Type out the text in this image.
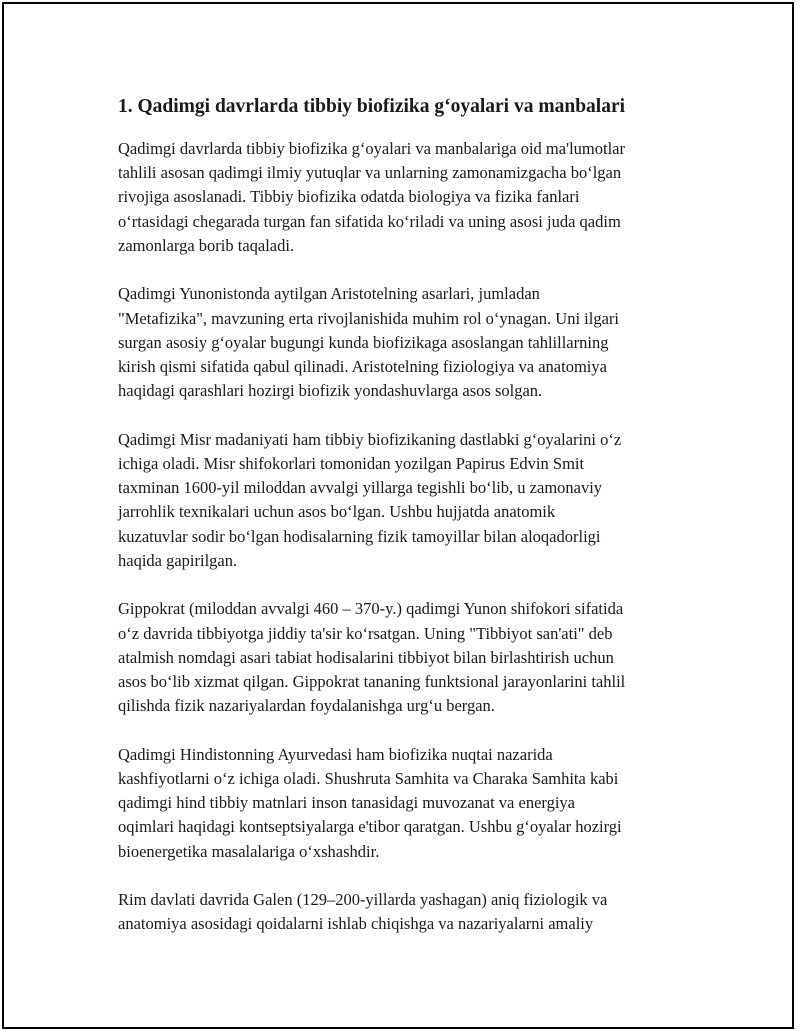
1. Qadimgi davrlarda tibbiy biofizika g‘oyalari va manbalari
Qadimgi davrlarda tibbiy biofizika g‘oyalari va manbalariga oid ma'lumotlar
tahlili asosan qadimgi ilmiy yutuqlar va unlarning zamonamizgacha bo‘lgan
rivojiga asoslanadi. Tibbiy biofizika odatda biologiya va fizika fanlari
o‘rtasidagi chegarada turgan fan sifatida ko‘riladi va uning asosi juda qadim
zamonlarga borib taqaladi.
Qadimgi Yunonistonda aytilgan Aristotelning asarlari, jumladan
"Metafizika", mavzuning erta rivojlanishida muhim rol o‘ynagan. Uni ilgari
surgan asosiy g‘oyalar bugungi kunda biofizikaga asoslangan tahlillarning
kirish qismi sifatida qabul qilinadi. Aristotelning fiziologiya va anatomiya
haqidagi qarashlari hozirgi biofizik yondashuvlarga asos solgan.
Qadimgi Misr madaniyati ham tibbiy biofizikaning dastlabki g‘oyalarini o‘z
ichiga oladi. Misr shifokorlari tomonidan yozilgan Papirus Edvin Smit
taxminan 1600-yil miloddan avvalgi yillarga tegishli bo‘lib, u zamonaviy
jarrohlik texnikalari uchun asos bo‘lgan. Ushbu hujjatda anatomik
kuzatuvlar sodir bo‘lgan hodisalarning fizik tamoyillar bilan aloqadorligi
haqida gapirilgan.
Gippokrat (miloddan avvalgi 460 – 370-y.) qadimgi Yunon shifokori sifatida
o‘z davrida tibbiyotga jiddiy ta'sir ko‘rsatgan. Uning "Tibbiyot san'ati" deb
atalmish nomdagi asari tabiat hodisalarini tibbiyot bilan birlashtirish uchun
asos bo‘lib xizmat qilgan. Gippokrat tananing funktsional jarayonlarini tahlil
qilishda fizik nazariyalardan foydalanishga urg‘u bergan.
Qadimgi Hindistonning Ayurvedasi ham biofizika nuqtai nazarida
kashfiyotlarni o‘z ichiga oladi. Shushruta Samhita va Charaka Samhita kabi
qadimgi hind tibbiy matnlari inson tanasidagi muvozanat va energiya
oqimlari haqidagi kontseptsiyalarga e'tibor qaratgan. Ushbu g‘oyalar hozirgi
bioenergetika masalalariga o‘xshashdir.
Rim davlati davrida Galen (129–200-yillarda yashagan) aniq fiziologik va
anatomiya asosidagi qoidalarni ishlab chiqishga va nazariyalarni amaliy
